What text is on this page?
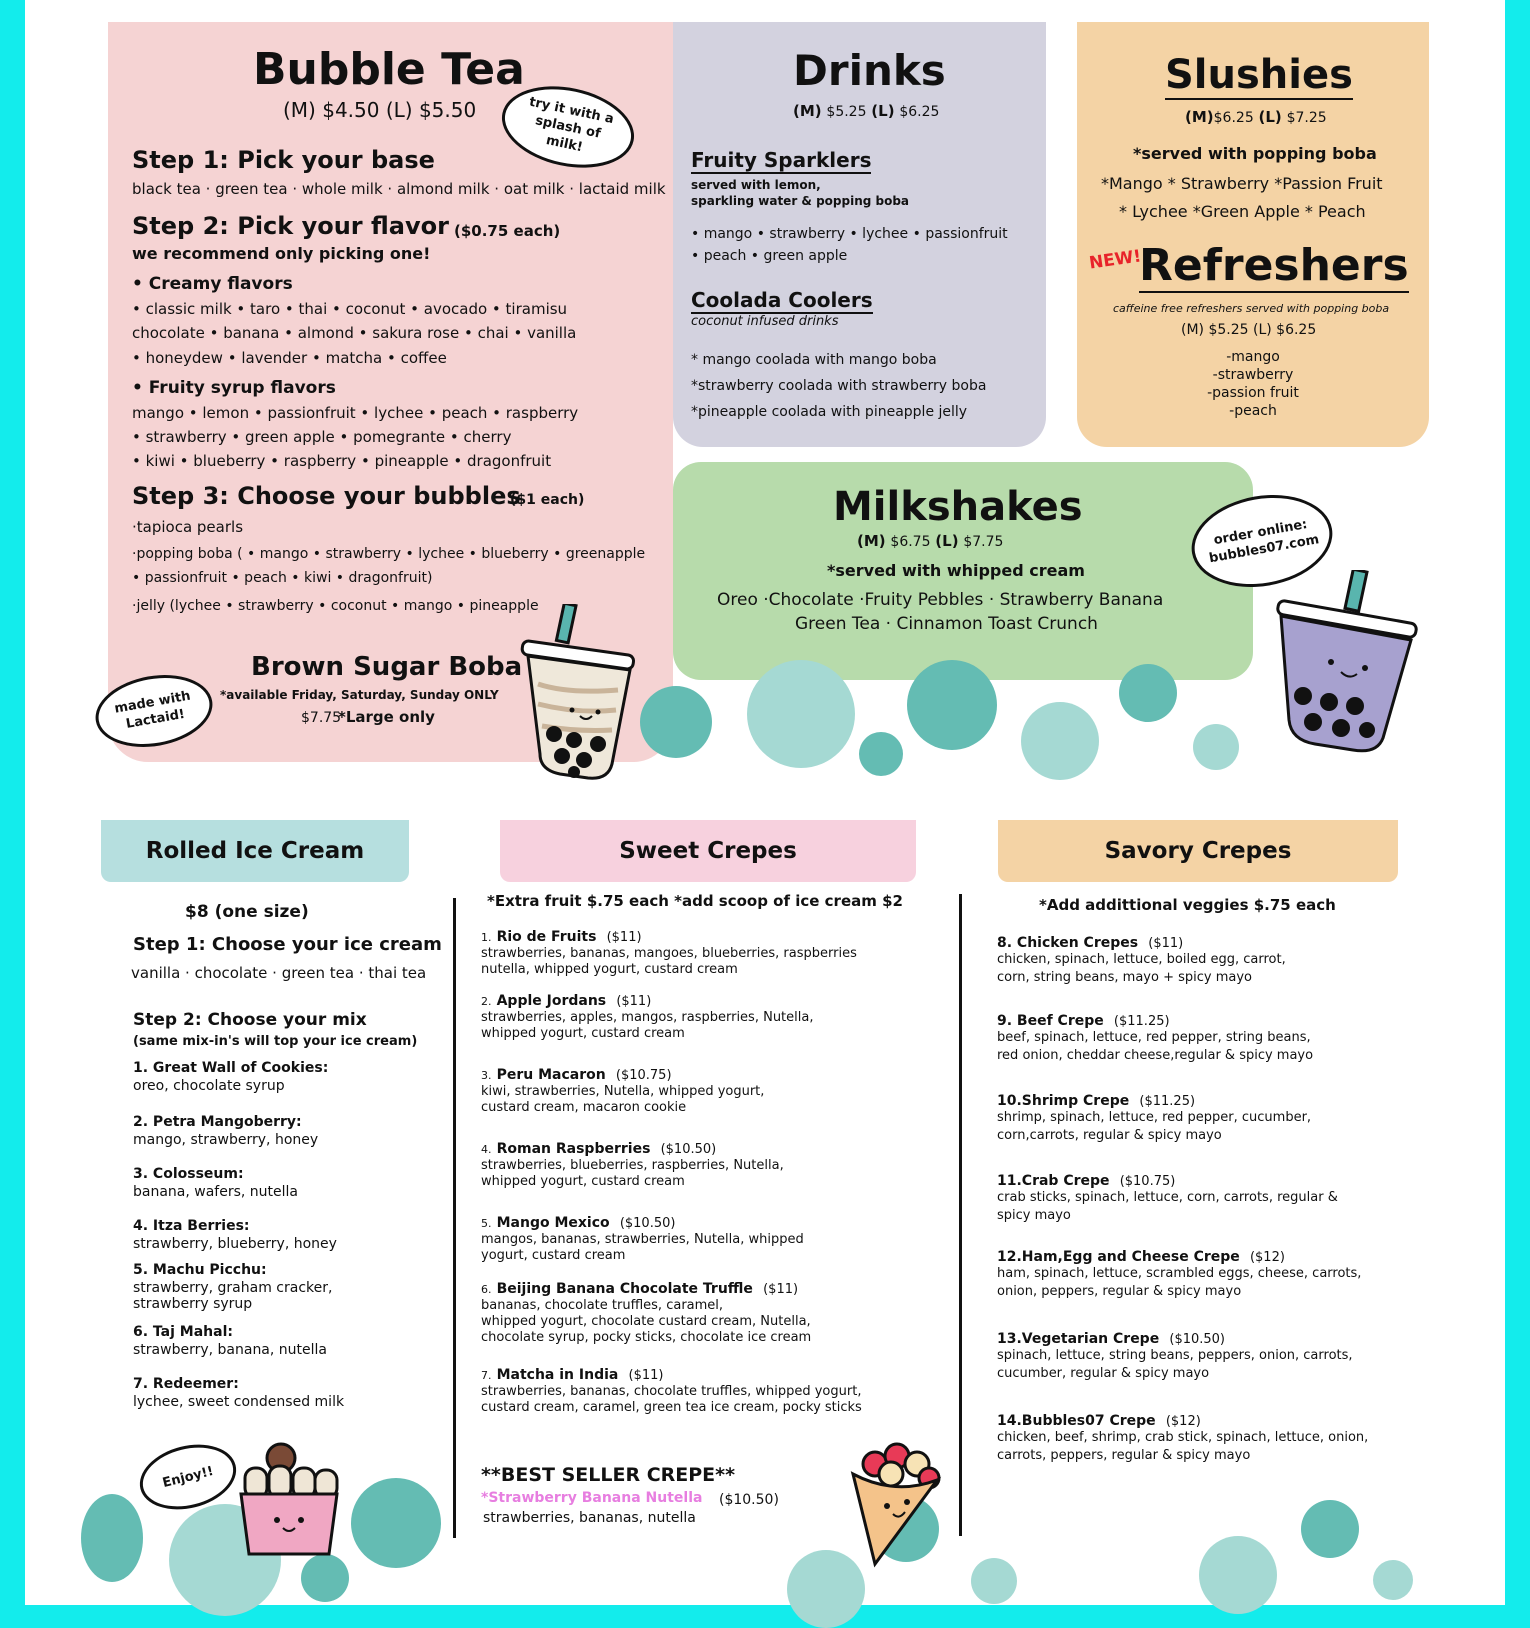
Bubble Tea
(M) $4.50 (L) $5.50	try it with a splash of milk!
Step 1: Pick your base
black tea · green tea · whole milk · almond milk · oat milk · lactaid milk
Step 2: Pick your flavor ($0.75 each)
we recommend only picking one!
• Creamy flavors
• classic milk • taro • thai • coconut • avocado • tiramisu
chocolate • banana • almond • sakura rose • chai • vanilla
• honeydew • lavender • matcha • coffee
• Fruity syrup flavors
mango • lemon • passionfruit • lychee • peach • raspberry
• strawberry • green apple • pomegrante • cherry
• kiwi • blueberry • raspberry • pineapple • dragonfruit
Step 3: Choose your bubbles
($1 each)
·tapioca pearls
·popping boba ( • mango • strawberry • lychee • blueberry • greenapple
• passionfruit • peach • kiwi • dragonfruit)
·jelly (lychee • strawberry • coconut • mango • pineapple
Brown Sugar Boba
*available Friday, Saturday, Sunday ONLY
$7.75
*Large only
made with Lactaid!
Drinks
(M) $5.25 (L) $6.25
Fruity Sparklers
served with lemon,
sparkling water & popping boba
• mango • strawberry • lychee • passionfruit
• peach • green apple
Coolada Coolers
coconut infused drinks
* mango coolada with mango boba
*strawberry coolada with strawberry boba
*pineapple coolada with pineapple jelly
Slushies
(M)$6.25 (L) $7.25
*served with popping boba
*Mango * Strawberry *Passion Fruit
* Lychee *Green Apple * Peach
NEW!
Refreshers
caffeine free refreshers served with popping boba
(M) $5.25 (L) $6.25
-mango
-strawberry
-passion fruit
-peach
Milkshakes
(M) $6.75 (L) $7.75
*served with whipped cream
Oreo ·Chocolate ·Fruity Pebbles · Strawberry Banana
Green Tea · Cinnamon Toast Crunch
order online: bubbles07.com
Rolled Ice Cream
$8 (one size)
Step 1: Choose your ice cream
vanilla · chocolate · green tea · thai tea
Step 2: Choose your mix
(same mix-in's will top your ice cream)
1. Great Wall of Cookies:
oreo, chocolate syrup
2. Petra Mangoberry:
mango, strawberry, honey
3. Colosseum:
banana, wafers, nutella
4. Itza Berries:
strawberry, blueberry, honey
5. Machu Picchu:
strawberry, graham cracker,
strawberry syrup
6. Taj Mahal:
strawberry, banana, nutella
7. Redeemer:
lychee, sweet condensed milk
Enjoy!!
Sweet Crepes
*Extra fruit $.75 each *add scoop of ice cream $2
1. Rio de Fruits ($11)
strawberries, bananas, mangoes, blueberries, raspberries
nutella, whipped yogurt, custard cream
2. Apple Jordans ($11)
strawberries, apples, mangos, raspberries, Nutella,
whipped yogurt, custard cream
3. Peru Macaron ($10.75)
kiwi, strawberries, Nutella, whipped yogurt,
custard cream, macaron cookie
4. Roman Raspberries ($10.50)
strawberries, blueberries, raspberries, Nutella,
whipped yogurt, custard cream
5. Mango Mexico ($10.50)
mangos, bananas, strawberries, Nutella, whipped
yogurt, custard cream
6. Beijing Banana Chocolate Truffle ($11)
bananas, chocolate truffles, caramel,
whipped yogurt, chocolate custard cream, Nutella,
chocolate syrup, pocky sticks, chocolate ice cream
7. Matcha in India ($11)
strawberries, bananas, chocolate truffles, whipped yogurt,
custard cream, caramel, green tea ice cream, pocky sticks
**BEST SELLER CREPE**
*Strawberry Banana Nutella ($10.50)
strawberries, bananas, nutella
Savory Crepes
*Add addittional veggies $.75 each
8. Chicken Crepes ($11)
chicken, spinach, lettuce, boiled egg, carrot,
corn, string beans, mayo + spicy mayo
9. Beef Crepe ($11.25)
beef, spinach, lettuce, red pepper, string beans,
red onion, cheddar cheese,regular & spicy mayo
10.Shrimp Crepe ($11.25)
shrimp, spinach, lettuce, red pepper, cucumber,
corn,carrots, regular & spicy mayo
11.Crab Crepe ($10.75)
crab sticks, spinach, lettuce, corn, carrots, regular &
spicy mayo
12.Ham,Egg and Cheese Crepe ($12)
ham, spinach, lettuce, scrambled eggs, cheese, carrots,
onion, peppers, regular & spicy mayo
13.Vegetarian Crepe ($10.50)
spinach, lettuce, string beans, peppers, onion, carrots,
cucumber, regular & spicy mayo
14.Bubbles07 Crepe ($12)
chicken, beef, shrimp, crab stick, spinach, lettuce, onion,
carrots, peppers, regular & spicy mayo
